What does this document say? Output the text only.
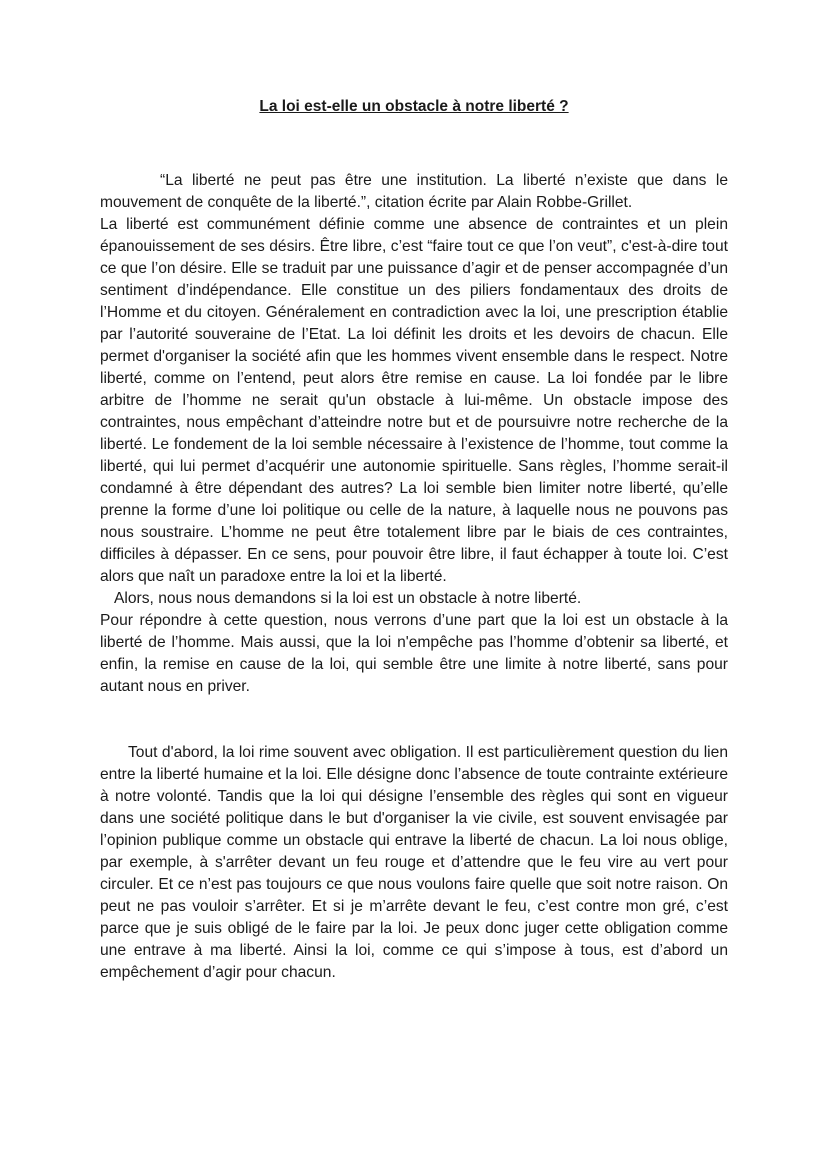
La loi est-elle un obstacle à notre liberté ?

“La liberté ne peut pas être une institution. La liberté n’existe que dans le mouvement de conquête de la liberté.”, citation écrite par Alain Robbe-Grillet.

La liberté est communément définie comme une absence de contraintes et un plein épanouissement de ses désirs. Être libre, c’est “faire tout ce que l’on veut”, c'est-à-dire tout ce que l’on désire. Elle se traduit par une puissance d’agir et de penser accompagnée d’un sentiment d’indépendance. Elle constitue un des piliers fondamentaux des droits de l’Homme et du citoyen. Généralement en contradiction avec la loi, une prescription établie par l’autorité souveraine de l’Etat. La loi définit les droits et les devoirs de chacun. Elle permet d'organiser la société afin que les hommes vivent ensemble dans le respect. Notre liberté, comme on l’entend, peut alors être remise en cause. La loi fondée par le libre arbitre de l’homme ne serait qu'un obstacle à lui-même. Un obstacle impose des contraintes, nous empêchant d’atteindre notre but et de poursuivre notre recherche de la liberté. Le fondement de la loi semble nécessaire à l’existence de l’homme, tout comme la liberté, qui lui permet d’acquérir une autonomie spirituelle. Sans règles, l’homme serait-il condamné à être dépendant des autres? La loi semble bien limiter notre liberté, qu’elle prenne la forme d’une loi politique ou celle de la nature, à laquelle nous ne pouvons pas nous soustraire. L’homme ne peut être totalement libre par le biais de ces contraintes, difficiles à dépasser. En ce sens, pour pouvoir être libre, il faut échapper à toute loi. C’est alors que naît un paradoxe entre la loi et la liberté.

Alors, nous nous demandons si la loi est un obstacle à notre liberté.

Pour répondre à cette question, nous verrons d’une part que la loi est un obstacle à la liberté de l’homme. Mais aussi, que la loi n'empêche pas l’homme d’obtenir sa liberté, et enfin, la remise en cause de la loi, qui semble être une limite à notre liberté, sans pour autant nous en priver.

Tout d'abord, la loi rime souvent avec obligation. Il est particulièrement question du lien entre la liberté humaine et la loi. Elle désigne donc l’absence de toute contrainte extérieure à notre volonté. Tandis que la loi qui désigne l’ensemble des règles qui sont en vigueur dans une société politique dans le but d'organiser la vie civile, est souvent envisagée par l’opinion publique comme un obstacle qui entrave la liberté de chacun. La loi nous oblige, par exemple, à s'arrêter devant un feu rouge et d’attendre que le feu vire au vert pour circuler. Et ce n’est pas toujours ce que nous voulons faire quelle que soit notre raison. On peut ne pas vouloir s’arrêter. Et si je m’arrête devant le feu, c’est contre mon gré, c’est parce que je suis obligé de le faire par la loi. Je peux donc juger cette obligation comme une entrave à ma liberté. Ainsi la loi, comme ce qui s’impose à tous, est d’abord un empêchement d’agir pour chacun.
